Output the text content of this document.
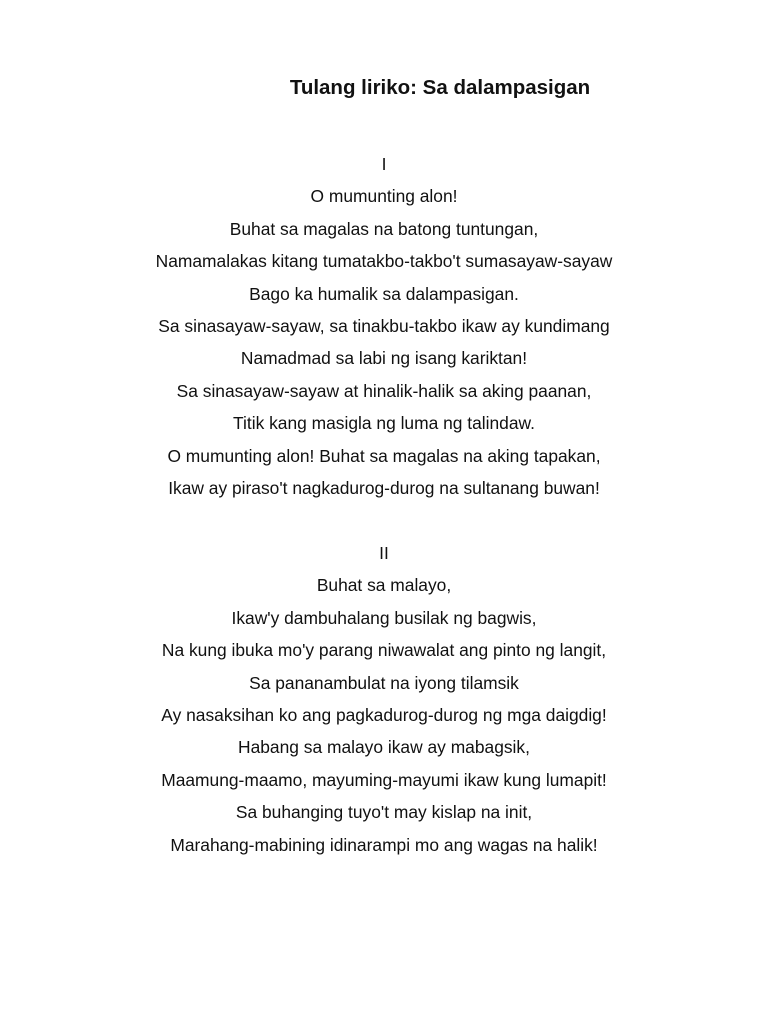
Tulang liriko: Sa dalampasigan
I
O mumunting alon!
Buhat sa magalas na batong tuntungan,
Namamalakas kitang tumatakbo-takbo't sumasayaw-sayaw
Bago ka humalik sa dalampasigan.
Sa sinasayaw-sayaw, sa tinakbu-takbo ikaw ay kundimang
Namadmad sa labi ng isang kariktan!
Sa sinasayaw-sayaw at hinalik-halik sa aking paanan,
Titik kang masigla ng luma ng talindaw.
O mumunting alon! Buhat sa magalas na aking tapakan,
Ikaw ay piraso't nagkadurog-durog na sultanang buwan!
II
Buhat sa malayo,
Ikaw'y dambuhalang busilak ng bagwis,
Na kung ibuka mo'y parang niwawalat ang pinto ng langit,
Sa pananambulat na iyong tilamsik
Ay nasaksihan ko ang pagkadurog-durog ng mga daigdig!
Habang sa malayo ikaw ay mabagsik,
Maamung-maamo, mayuming-mayumi ikaw kung lumapit!
Sa buhanging tuyo't may kislap na init,
Marahang-mabining idinarampi mo ang wagas na halik!
